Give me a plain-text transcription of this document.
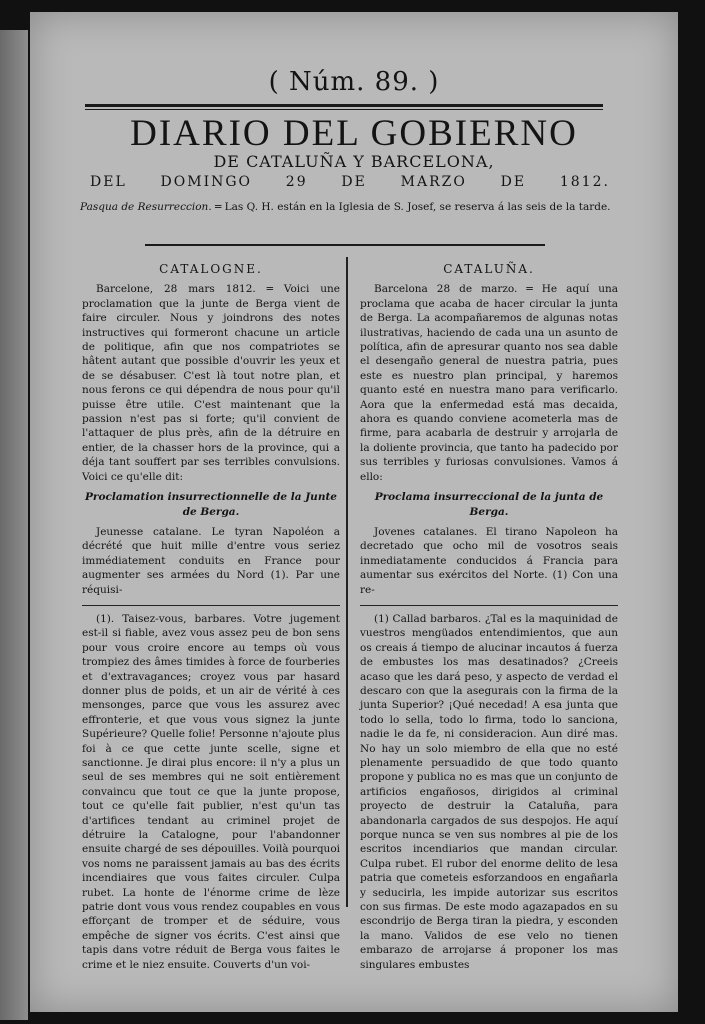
( Núm. 89. )
DIARIO DEL GOBIERNO
DE CATALUÑA Y BARCELONA,
DEL DOMINGO 29 DE MARZO DE 1812.
Pasqua de Resurreccion. ═ Las Q. H. están en la Iglesia de S. Josef, se reserva á las seis de la tarde.
CATALOGNE.

Barcelone, 28 mars 1812. ═ Voici une proclamation que la junte de Berga vient de faire circuler. Nous y joindrons des notes instructives qui formeront chacune un article de politique, afin que nos compatriotes se hâtent autant que possible d'ouvrir les yeux et de se désabuser. C'est là tout notre plan, et nous ferons ce qui dépendra de nous pour qu'il puisse être utile. C'est maintenant que la passion n'est pas si forte; qu'il convient de l'attaquer de plus près, afin de la détruire en entier, de la chasser hors de la province, qui a déja tant souffert par ses terribles convulsions. Voici ce qu'elle dit:

Proclamation insurrectionnelle de la Junte de Berga.

Jeunesse catalane. Le tyran Napoléon a décrété que huit mille d'entre vous seriez immédiatement conduits en France pour augmenter ses armées du Nord (1). Par une réquisi-

(1). Taisez-vous, barbares. Votre jugement est-il si fiable, avez vous assez peu de bon sens pour vous croire encore au temps où vous trompiez des âmes timides à force de fourberies et d'extravagances; croyez vous par hasard donner plus de poids, et un air de vérité à ces mensonges, parce que vous les assurez avec effronterie, et que vous vous signez la junte Supérieure? Quelle folie! Personne n'ajoute plus foi à ce que cette junte scelle, signe et sanctionne. Je dirai plus encore: il n'y a plus un seul de ses membres qui ne soit entièrement convaincu que tout ce que la junte propose, tout ce qu'elle fait publier, n'est qu'un tas d'artifices tendant au criminel projet de détruire la Catalogne, pour l'abandonner ensuite chargé de ses dépouilles. Voilà pourquoi vos noms ne paraissent jamais au bas des écrits incendiaires que vous faites circuler. Culpa rubet. La honte de l'énorme crime de lèze patrie dont vous vous rendez coupables en vous efforçant de tromper et de séduire, vous empêche de signer vos écrits. C'est ainsi que tapis dans votre réduit de Berga vous faites le crime et le niez ensuite. Couverts d'un voi-

CATALUÑA.

Barcelona 28 de marzo. ═ He aquí una proclama que acaba de hacer circular la junta de Berga. La acompañaremos de algunas notas ilustrativas, haciendo de cada una un asunto de política, afin de apresurar quanto nos sea dable el desengaño general de nuestra patria, pues este es nuestro plan principal, y haremos quanto esté en nuestra mano para verificarlo. Aora que la enfermedad está mas decaida, ahora es quando conviene acometerla mas de firme, para acabarla de destruir y arrojarla de la doliente provincia, que tanto ha padecido por sus terribles y furiosas convulsiones. Vamos á ello:

Proclama insurreccional de la junta de Berga.

Jovenes catalanes. El tirano Napoleon ha decretado que ocho mil de vosotros seais inmediatamente conducidos á Francia para aumentar sus exércitos del Norte. (1) Con una re-

(1) Callad barbaros. ¿Tal es la maquinidad de vuestros mengüados entendimientos, que aun os creais á tiempo de alucinar incautos á fuerza de embustes los mas desatinados? ¿Creeis acaso que les dará peso, y aspecto de verdad el descaro con que la asegurais con la firma de la junta Superior? ¡Qué necedad! A esa junta que todo lo sella, todo lo firma, todo lo sanciona, nadie le da fe, ni consideracion. Aun diré mas. No hay un solo miembro de ella que no esté plenamente persuadido de que todo quanto propone y publica no es mas que un conjunto de artificios engañosos, dirigidos al criminal proyecto de destruir la Cataluña, para abandonarla cargados de sus despojos. He aquí porque nunca se ven sus nombres al pie de los escritos incendiarios que mandan circular. Culpa rubet. El rubor del enorme delito de lesa patria que cometeis esforzandoos en engañarla y seducirla, les impide autorizar sus escritos con sus firmas. De este modo agazapados en su escondrijo de Berga tiran la piedra, y esconden la mano. Validos de ese velo no tienen embarazo de arrojarse á proponer los mas singulares embustes
